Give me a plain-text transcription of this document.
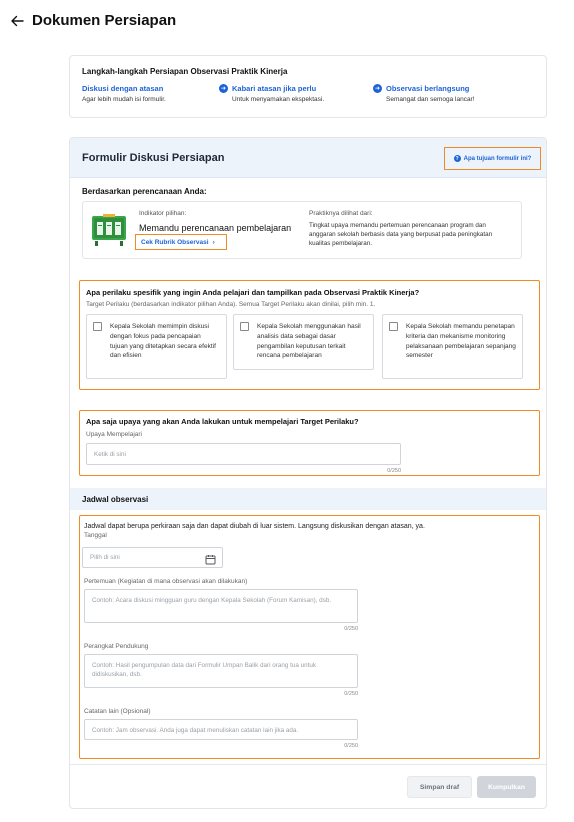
Dokumen Persiapan
Langkah-langkah Persiapan Observasi Praktik Kinerja
Diskusi dengan atasan
Agar lebih mudah isi formulir.
➜ Kabari atasan jika perlu
Untuk menyamakan ekspektasi.
➜ Observasi berlangsung
Semangat dan semoga lancar!
Formulir Diskusi Persiapan	? Apa tujuan formulir ini?
Berdasarkan perencanaan Anda:
Indikator pilihan:
Memandu perencanaan pembelajaran
Cek Rubrik Observasi ›
Praktiknya dilihat dari:
Tingkat upaya memandu pertemuan perencanaan program dan anggaran sekolah berbasis data yang berpusat pada peningkatan kualitas pembelajaran.
Apa perilaku spesifik yang ingin Anda pelajari dan tampilkan pada Observasi Praktik Kinerja?
Target Perilaku (berdasarkan indikator pilihan Anda). Semua Target Perilaku akan dinilai, pilih min. 1.
Kepala Sekolah memimpin diskusi dengan fokus pada pencapaian tujuan yang ditetapkan secara efektif dan efisien
Kepala Sekolah menggunakan hasil analisis data sebagai dasar pengambilan keputusan terkait rencana pembelajaran
Kepala Sekolah memandu penetapan kriteria dan mekanisme monitoring pelaksanaan pembelajaran sepanjang semester
Apa saja upaya yang akan Anda lakukan untuk mempelajari Target Perilaku?
Upaya Mempelajari
Ketik di sini
0/250
Jadwal observasi
Jadwal dapat berupa perkiraan saja dan dapat diubah di luar sistem. Langsung diskusikan dengan atasan, ya.
Tanggal
Pertemuan (Kegiatan di mana observasi akan dilakukan)
Contoh: Acara diskusi mingguan guru dengan Kepala Sekolah (Forum Kamisan), dsb.
0/250
Perangkat Pendukung
Contoh: Hasil pengumpulan data dari Formulir Umpan Balik dari orang tua untuk didiskusikan, dsb.
0/250
Catatan lain (Opsional)
Contoh: Jam observasi. Anda juga dapat menuliskan catatan lain jika ada.
0/250
Pilih di sini
Simpan draf	Kumpulkan
